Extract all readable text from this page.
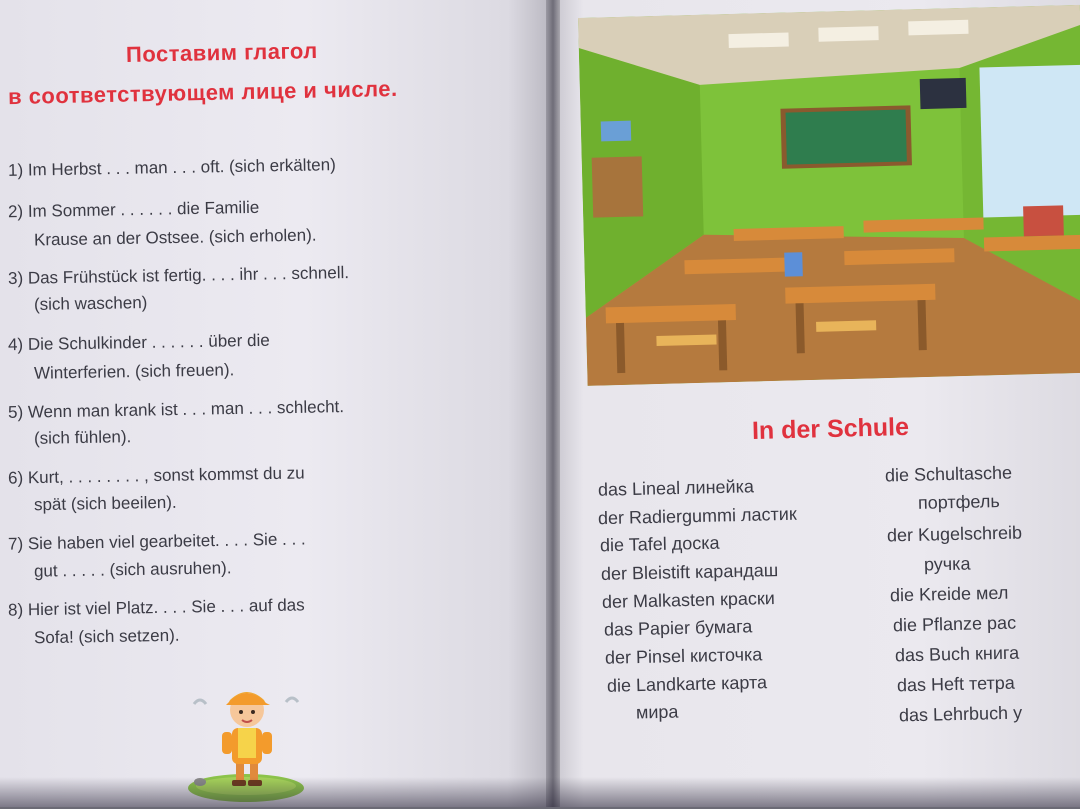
Поставим глагол
в соответствующем лице и числе.
1) Im Herbst . . . man . . . oft. (sich erkälten)
2) Im Sommer . . . . . . die Familie
Krause an der Ostsee. (sich erholen).
3) Das Frühstück ist fertig. . . . ihr . . . schnell.
(sich waschen)
4) Die Schulkinder . . . . . . über die
Winterferien. (sich freuen).
5) Wenn man krank ist . . . man . . . schlecht.
(sich fühlen).
6) Kurt, . . . . . . . . , sonst kommst du zu
spät (sich beeilen).
7) Sie haben viel gearbeitet. . . . Sie . . .
gut . . . . . (sich ausruhen).
8) Hier ist viel Platz. . . . Sie . . . auf das
Sofa! (sich setzen).
In der Schule
das Lineal линейка
der Radiergummi ластик
die Tafel доска
der Bleistift карандаш
der Malkasten краски
das Papier бумага
der Pinsel кисточка
die Landkarte карта
мира
die Schultasche
портфель
der Kugelschreib
ручка
die Kreide мел
die Pflanze рас
das Buch книга
das Heft тетра
das Lehrbuch у
